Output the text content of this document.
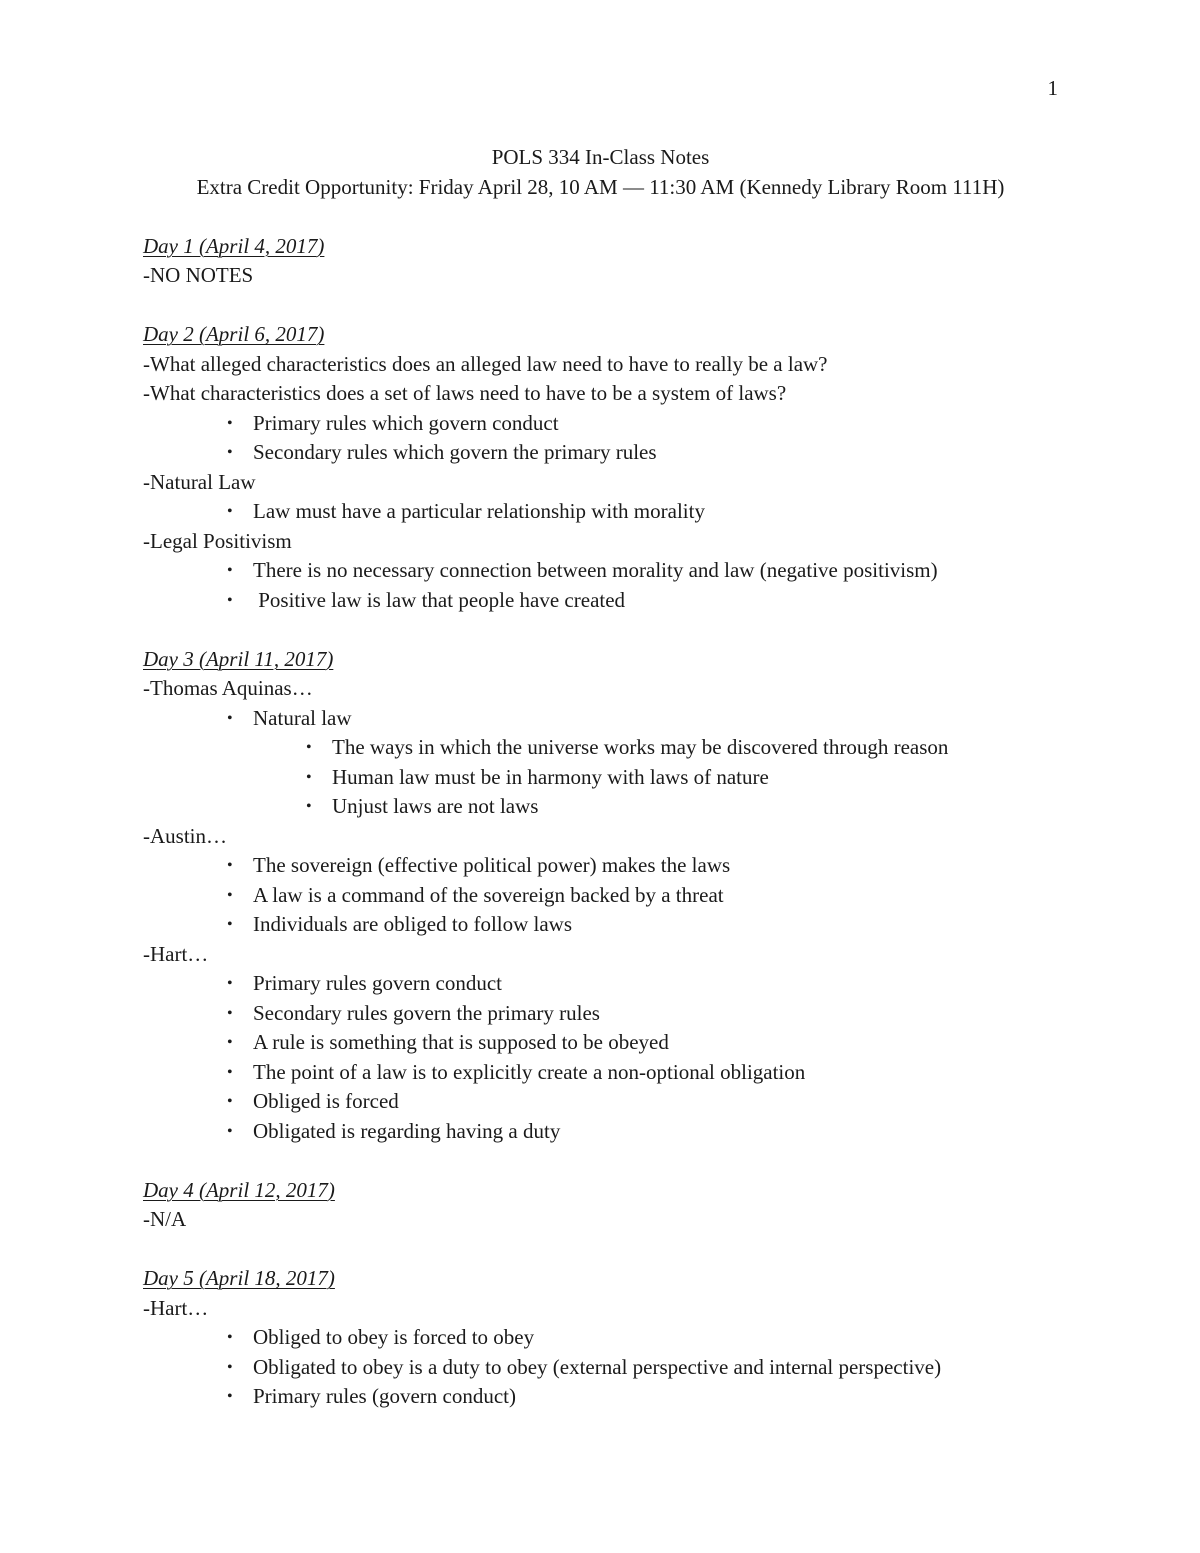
1
POLS 334 In-Class Notes
Extra Credit Opportunity: Friday April 28, 10 AM — 11:30 AM (Kennedy Library Room 111H)
Day 1 (April 4, 2017)
-NO NOTES
Day 2 (April 6, 2017)
-What alleged characteristics does an alleged law need to have to really be a law?
-What characteristics does a set of laws need to have to be a system of laws?
• Primary rules which govern conduct
• Secondary rules which govern the primary rules
-Natural Law
• Law must have a particular relationship with morality
-Legal Positivism
• There is no necessary connection between morality and law (negative positivism)
• Positive law is law that people have created
Day 3 (April 11, 2017)
-Thomas Aquinas…
• Natural law
• The ways in which the universe works may be discovered through reason
• Human law must be in harmony with laws of nature
• Unjust laws are not laws
-Austin…
• The sovereign (effective political power) makes the laws
• A law is a command of the sovereign backed by a threat
• Individuals are obliged to follow laws
-Hart…
• Primary rules govern conduct
• Secondary rules govern the primary rules
• A rule is something that is supposed to be obeyed
• The point of a law is to explicitly create a non-optional obligation
• Obliged is forced
• Obligated is regarding having a duty
Day 4 (April 12, 2017)
-N/A
Day 5 (April 18, 2017)
-Hart…
• Obliged to obey is forced to obey
• Obligated to obey is a duty to obey (external perspective and internal perspective)
• Primary rules (govern conduct)
